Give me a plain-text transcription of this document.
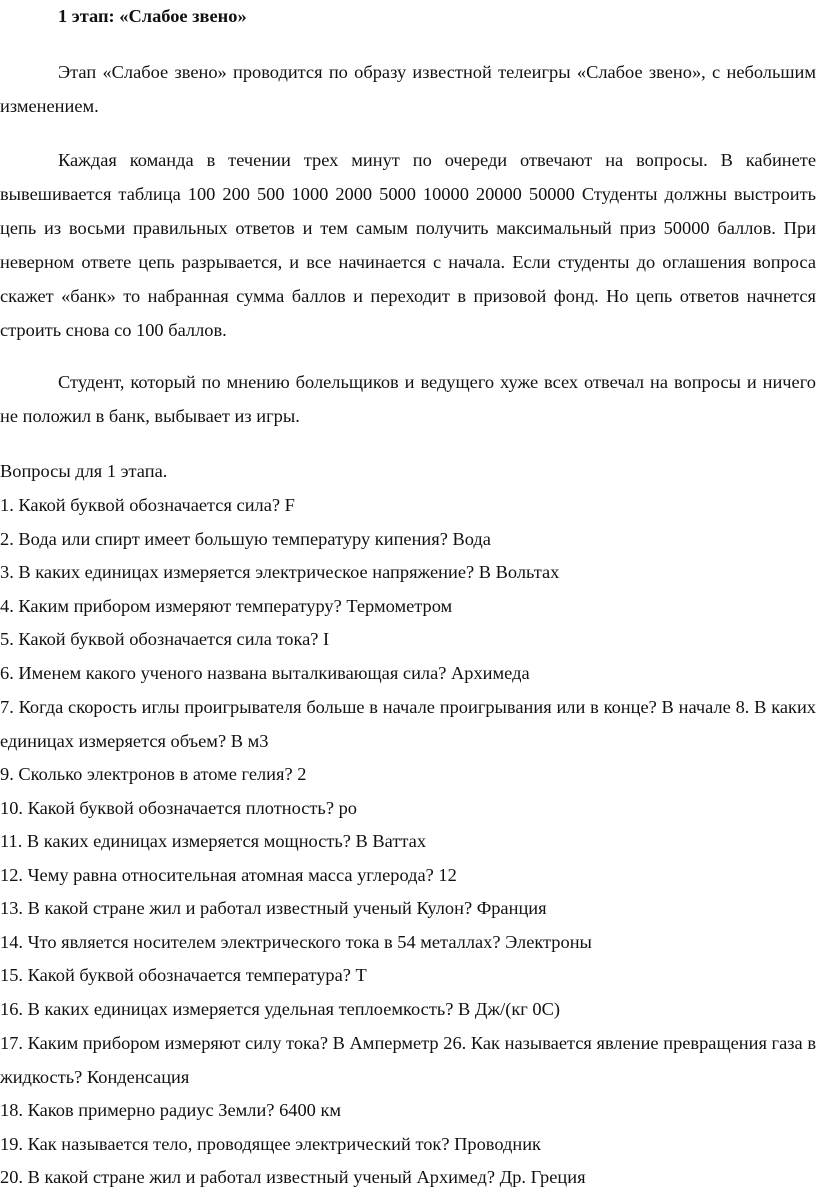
1 этап: «Слабое звено»

Этап «Слабое звено» проводится по образу известной телеигры «Слабое звено», с небольшим изменением.

Каждая команда в течении трех минут по очереди отвечают на вопросы. В кабинете вывешивается таблица 100 200 500 1000 2000 5000 10000 20000 50000 Студенты должны выстроить цепь из восьми правильных ответов и тем самым получить максимальный приз 50000 баллов. При неверном ответе цепь разрывается, и все начинается с начала. Если студенты до оглашения вопроса скажет «банк» то набранная сумма баллов и переходит в призовой фонд. Но цепь ответов начнется строить снова со 100 баллов.

Студент, который по мнению болельщиков и ведущего хуже всех отвечал на вопросы и ничего не положил в банк, выбывает из игры.

Вопросы для 1 этапа.

1. Какой буквой обозначается сила? F
2. Вода или спирт имеет большую температуру кипения? Вода
3. В каких единицах измеряется электрическое напряжение? В Вольтах
4. Каким прибором измеряют температуру? Термометром
5. Какой буквой обозначается сила тока? I
6. Именем какого ученого названа выталкивающая сила? Архимеда
7. Когда скорость иглы проигрывателя больше в начале проигрывания или в конце? В начале 8. В каких единицах измеряется объем? В м3
9. Сколько электронов в атоме гелия? 2
10. Какой буквой обозначается плотность? ро
11. В каких единицах измеряется мощность? В Ваттах
12. Чему равна относительная атомная масса углерода? 12
13. В какой стране жил и работал известный ученый Кулон? Франция
14. Что является носителем электрического тока в 54 металлах? Электроны
15. Какой буквой обозначается температура? Т
16. В каких единицах измеряется удельная теплоемкость? В Дж/(кг 0С)
17. Каким прибором измеряют силу тока? В Амперметр 26. Как называется явление превращения газа в жидкость? Конденсация
18. Каков примерно радиус Земли? 6400 км
19. Как называется тело, проводящее электрический ток? Проводник
20. В какой стране жил и работал известный ученый Архимед? Др. Греция
